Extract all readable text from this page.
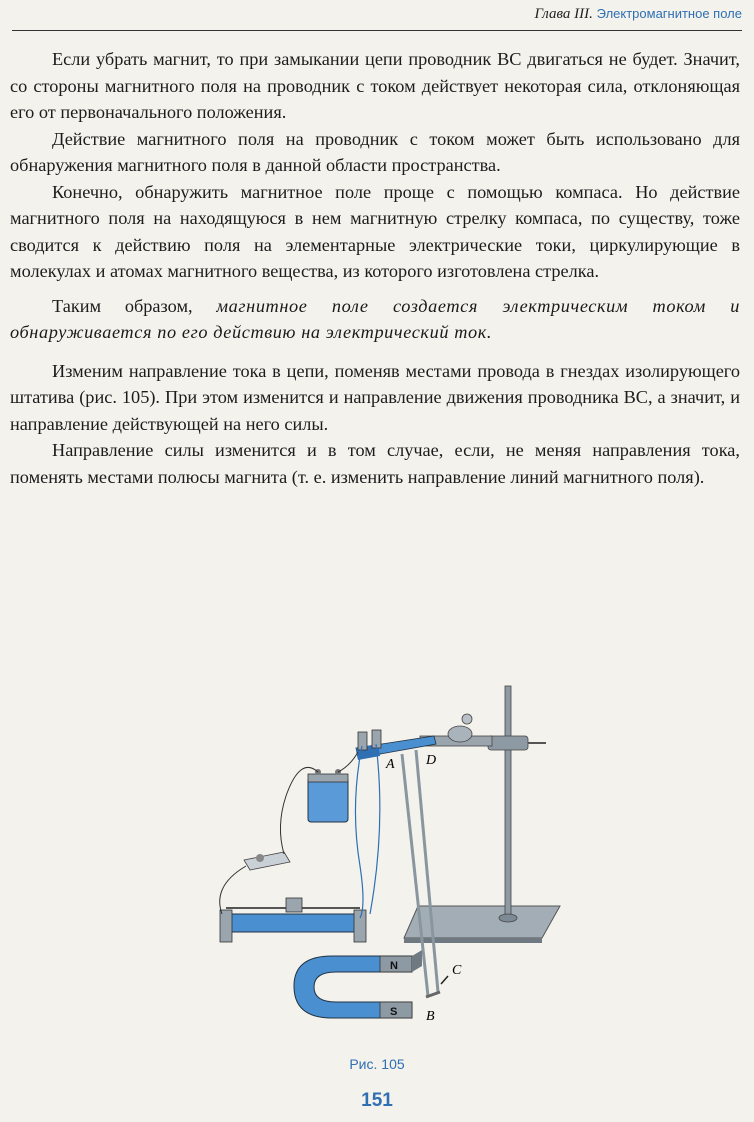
Глава III. Электромагнитное поле

Если убрать магнит, то при замыкании цепи проводник ВС двигаться не будет. Значит, со стороны магнитного поля на проводник с током действует некоторая сила, отклоняющая его от первоначального положения.

Действие магнитного поля на проводник с током может быть использовано для обнаружения магнитного поля в данной области пространства.

Конечно, обнаружить магнитное поле проще с помощью компаса. Но действие магнитного поля на находящуюся в нем магнитную стрелку компаса, по существу, тоже сводится к действию поля на элементарные электрические токи, циркулирующие в молекулах и атомах магнитного вещества, из которого изготовлена стрелка.

Таким образом, магнитное поле создается электрическим током и обнаруживается по его действию на электрический ток.

Изменим направление тока в цепи, поменяв местами провода в гнездах изолирующего штатива (рис. 105). При этом изменится и направление движения проводника ВС, а значит, и направление действующей на него силы.

Направление силы изменится и в том случае, если, не меняя направления тока, поменять местами полюсы магнита (т. е. изменить направление линий магнитного поля).

A D
C
B
N
S
Рис. 105
151
